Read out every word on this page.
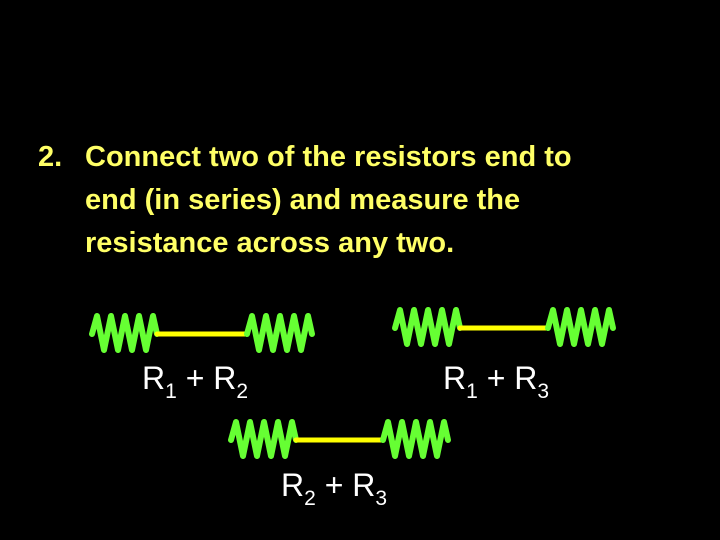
2. Connect two of the resistors end to
end (in series) and measure the
resistance across any two.
$R_1 + R_2$	$R_1 + R_3$
$R_2 + R_3$
